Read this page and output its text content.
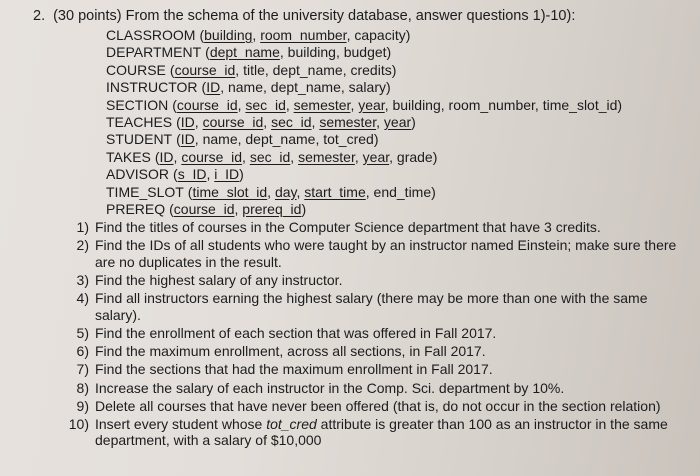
2. (30 points) From the schema of the university database, answer questions 1)-10):
CLASSROOM (building, room_number, capacity)
DEPARTMENT (dept_name, building, budget)
COURSE (course_id, title, dept_name, credits)
INSTRUCTOR (ID, name, dept_name, salary)
SECTION (course_id, sec_id, semester, year, building, room_number, time_slot_id)
TEACHES (ID, course_id, sec_id, semester, year)
STUDENT (ID, name, dept_name, tot_cred)
TAKES (ID, course_id, sec_id, semester, year, grade)
ADVISOR (s_ID, i_ID)
TIME_SLOT (time_slot_id, day, start_time, end_time)
PREREQ (course_id, prereq_id)
1) Find the titles of courses in the Computer Science department that have 3 credits.
2) Find the IDs of all students who were taught by an instructor named Einstein; make sure there are no duplicates in the result.
3) Find the highest salary of any instructor.
4) Find all instructors earning the highest salary (there may be more than one with the same salary).
5) Find the enrollment of each section that was offered in Fall 2017.
6) Find the maximum enrollment, across all sections, in Fall 2017.
7) Find the sections that had the maximum enrollment in Fall 2017.
8) Increase the salary of each instructor in the Comp. Sci. department by 10%.
9) Delete all courses that have never been offered (that is, do not occur in the section relation)
10) Insert every student whose tot_cred attribute is greater than 100 as an instructor in the same department, with a salary of $10,000
